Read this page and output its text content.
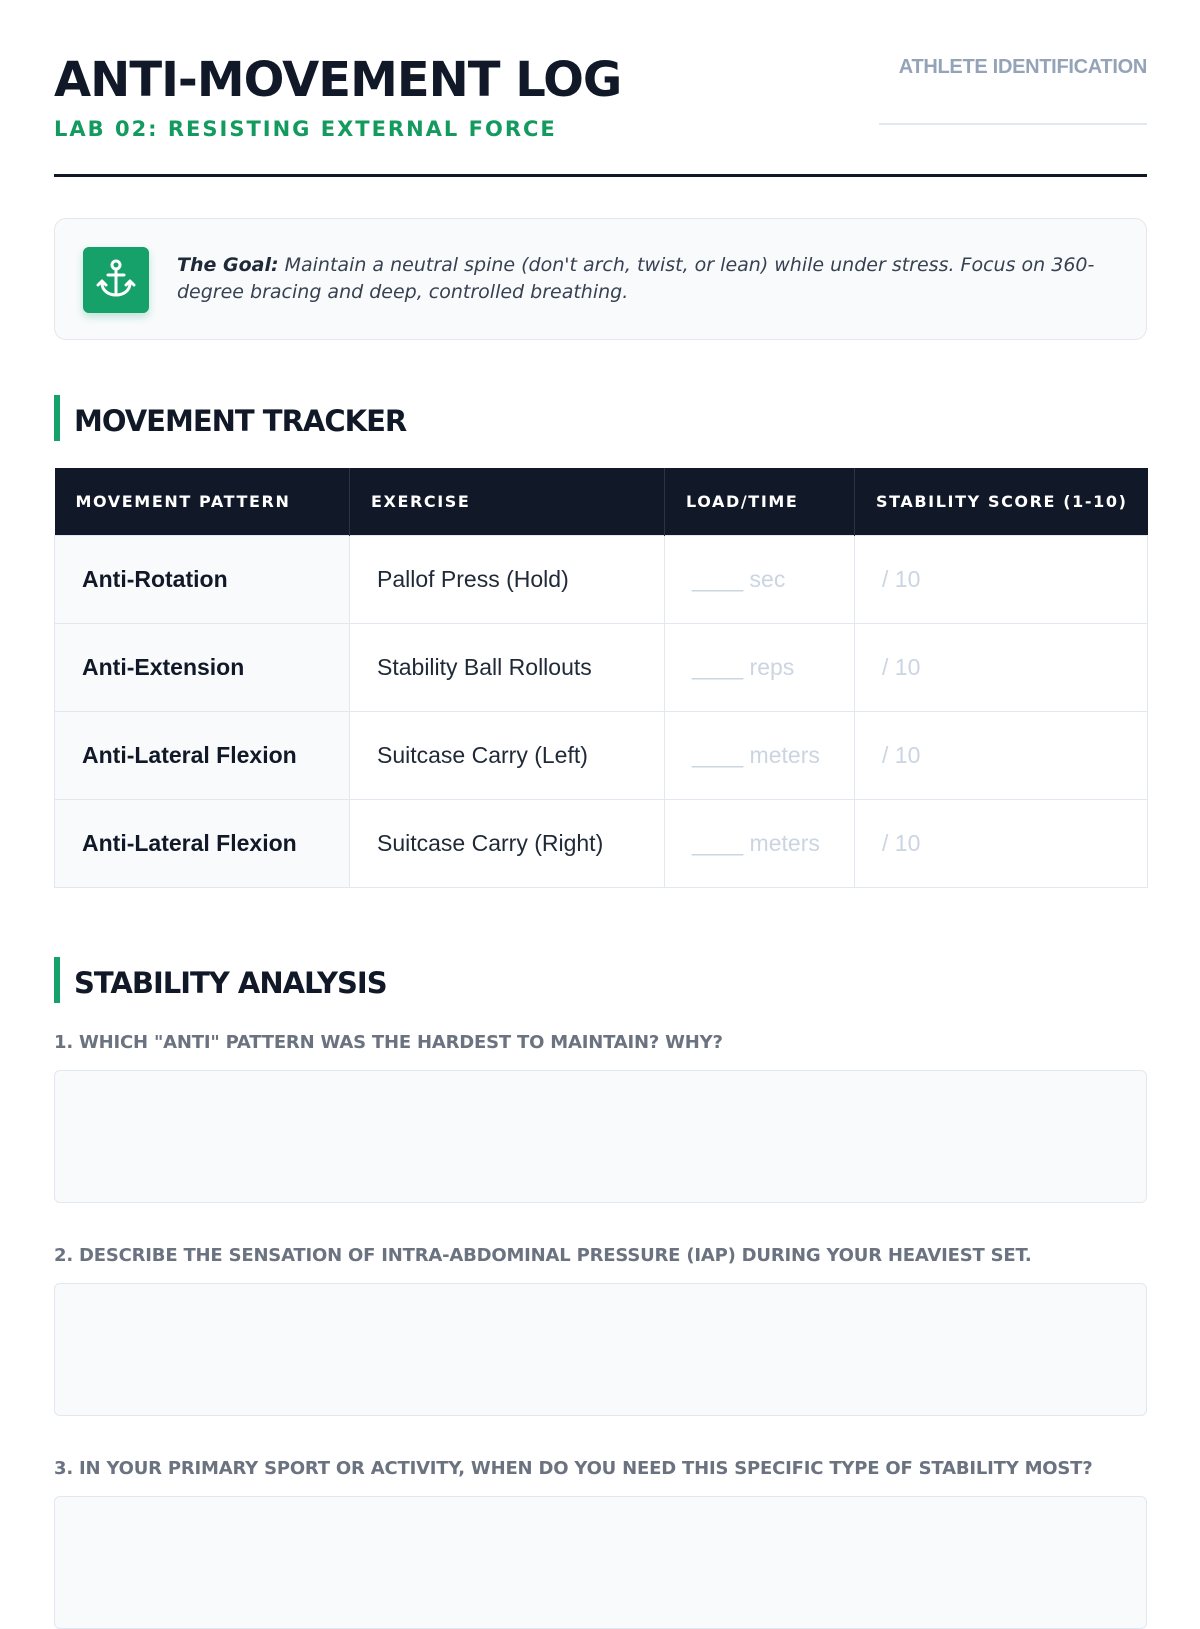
ANTI-MOVEMENT LOG
LAB 02: RESISTING EXTERNAL FORCE
ATHLETE IDENTIFICATION
The Goal: Maintain a neutral spine (don't arch, twist, or lean) while under stress. Focus on 360-degree bracing and deep, controlled breathing.
MOVEMENT TRACKER
MOVEMENT PATTERN	EXERCISE	LOAD/TIME	STABILITY SCORE (1-10)
Anti-Rotation	Pallof Press (Hold)	____ sec	/ 10
Anti-Extension	Stability Ball Rollouts	____ reps	/ 10
Anti-Lateral Flexion	Suitcase Carry (Left)	____ meters	/ 10
Anti-Lateral Flexion	Suitcase Carry (Right)	____ meters	/ 10
STABILITY ANALYSIS
1. WHICH "ANTI" PATTERN WAS THE HARDEST TO MAINTAIN? WHY?
2. DESCRIBE THE SENSATION OF INTRA-ABDOMINAL PRESSURE (IAP) DURING YOUR HEAVIEST SET.
3. IN YOUR PRIMARY SPORT OR ACTIVITY, WHEN DO YOU NEED THIS SPECIFIC TYPE OF STABILITY MOST?
